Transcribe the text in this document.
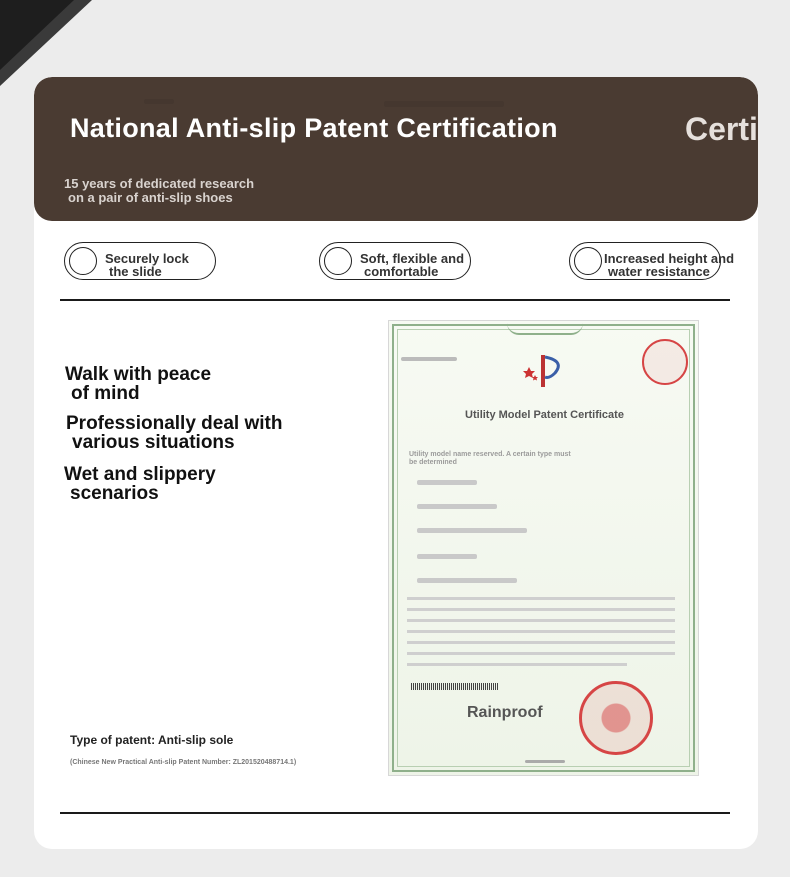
National Anti-slip Patent Certification	Certi
15 years of dedicated research
on a pair of anti-slip shoes
Securely lock
the slide
Soft, flexible and
comfortable
Increased height and
water resistance
Walk with peace
of mind
Professionally deal with
various situations
Wet and slippery
scenarios
Type of patent: Anti-slip sole
(Chinese New Practical Anti-slip Patent Number: ZL201520488714.1)
Utility Model Patent Certificate
Utility model name reserved. A certain type must be determined
Rainproof
